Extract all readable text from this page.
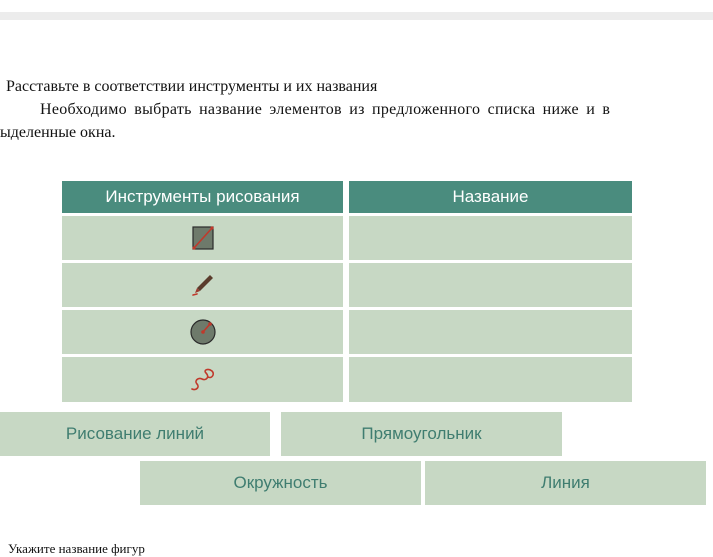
Расставьте в соответствии инструменты и их названия
Необходимо выбрать название элементов из предложенного списка ниже и в
ыделенные окна.
Инструменты рисования	Название
Рисование линий	Прямоугольник
Окружность	Линия
Укажите название фигур
